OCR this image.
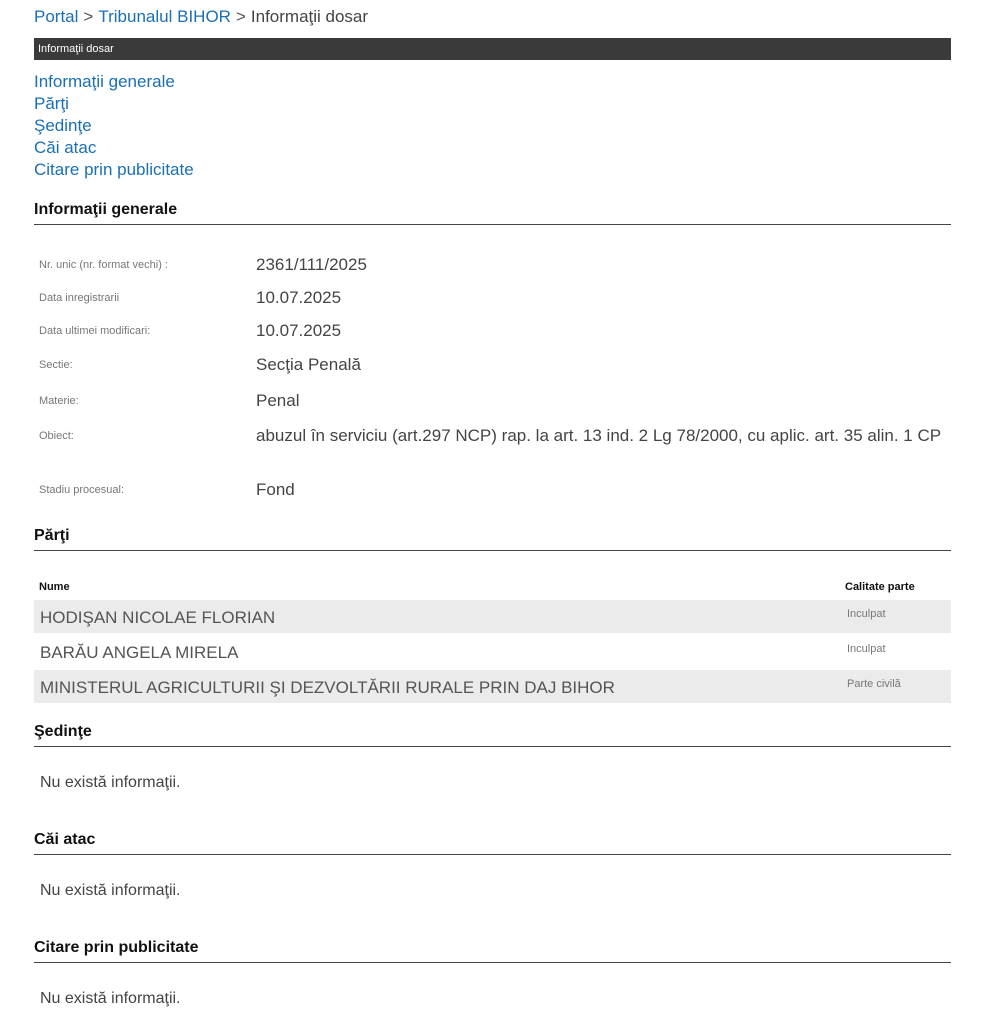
Portal > Tribunalul BIHOR > Informaţii dosar
Informaţii dosar
Informaţii generale
Părţi
Şedinţe
Căi atac
Citare prin publicitate
Informaţii generale
Nr. unic (nr. format vechi) :	2361/111/2025
Data inregistrarii	10.07.2025
Data ultimei modificari:	10.07.2025
Sectie:	Secţia Penală
Materie:	Penal
Obiect:	abuzul în serviciu (art.297 NCP) rap. la art. 13 ind. 2 Lg 78/2000, cu aplic. art. 35 alin. 1 CP
Stadiu procesual:	Fond
Părţi
Nume	Calitate parte
HODIŞAN NICOLAE FLORIAN	Inculpat
BARĂU ANGELA MIRELA	Inculpat
MINISTERUL AGRICULTURII ŞI DEZVOLTĂRII RURALE PRIN DAJ BIHOR	Parte civilă
Şedinţe
Nu există informaţii.
Căi atac
Nu există informaţii.
Citare prin publicitate
Nu există informaţii.
